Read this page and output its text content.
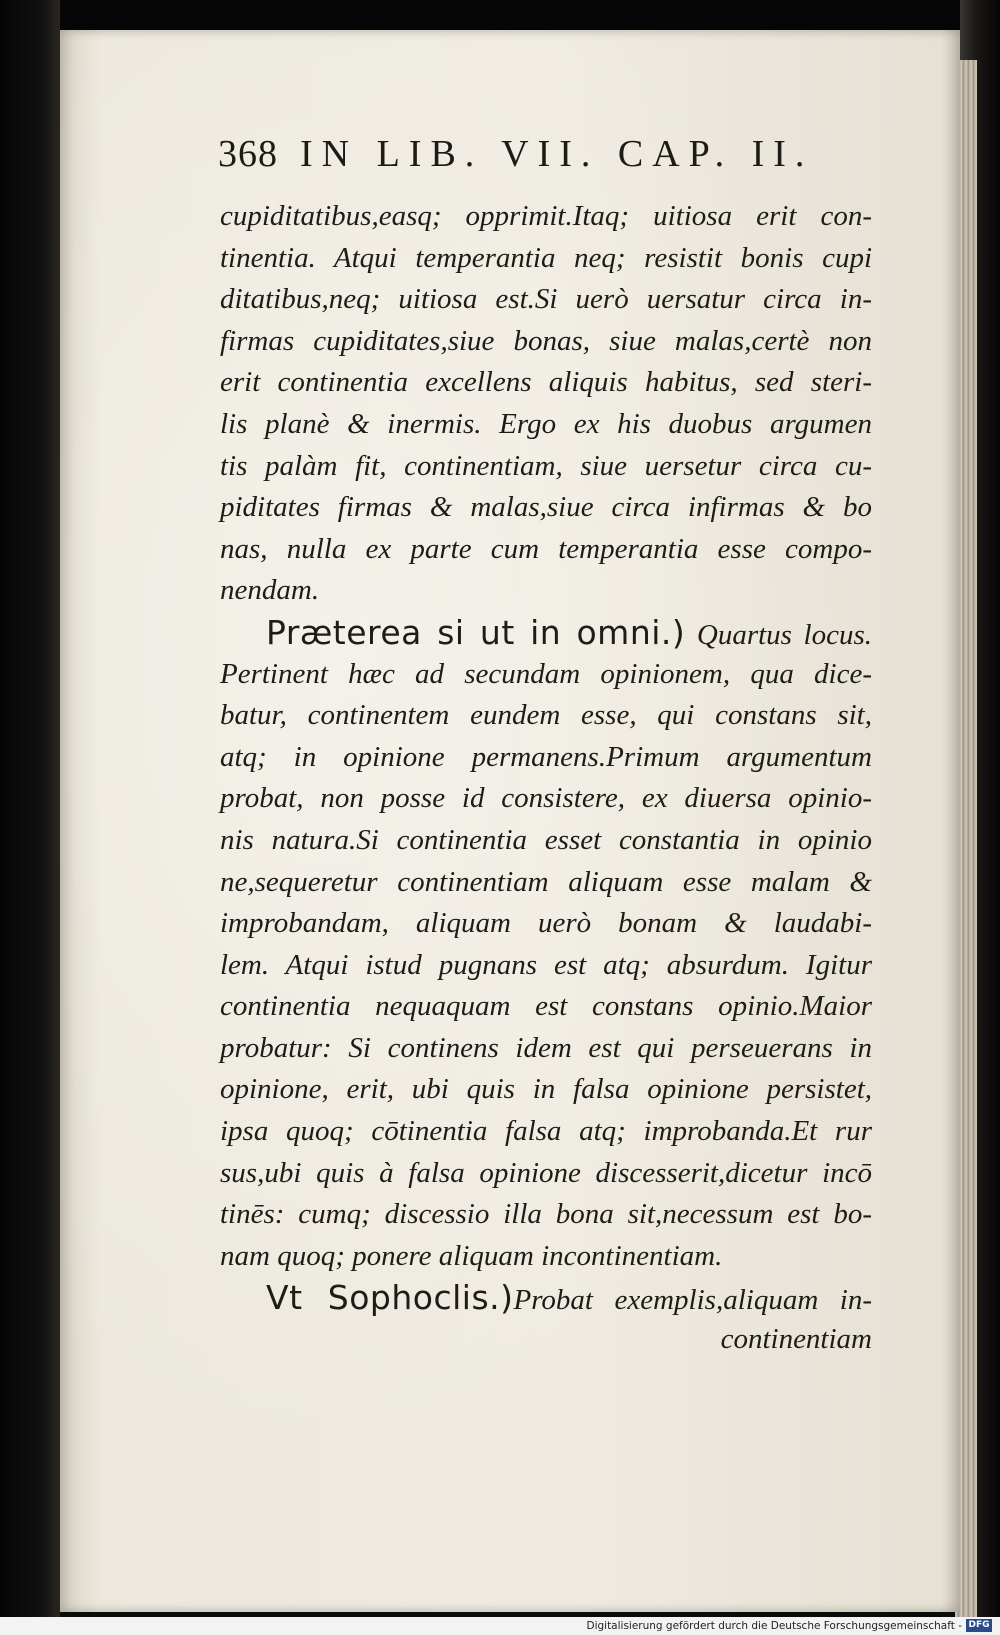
368 IN LIB. VII. CAP. II.
cupiditatibus,easq; opprimit.Itaq; uitiosa erit con-
tinentia. Atqui temperantia neq; resistit bonis cupi
ditatibus,neq; uitiosa est.Si uerò uersatur circa in-
firmas cupiditates,siue bonas, siue malas,certè non
erit continentia excellens aliquis habitus, sed steri-
lis planè & inermis. Ergo ex his duobus argumen
tis palàm fit, continentiam, siue uersetur circa cu-
piditates firmas & malas,siue circa infirmas & bo
nas, nulla ex parte cum temperantia esse compo-
nendam.
Præterea si ut in omni.) Quartus locus.
Pertinent hæc ad secundam opinionem, qua dice-
batur, continentem eundem esse, qui constans sit,
atq; in opinione permanens.Primum argumentum
probat, non posse id consistere, ex diuersa opinio-
nis natura.Si continentia esset constantia in opinio
ne,sequeretur continentiam aliquam esse malam &
improbandam, aliquam uerò bonam & laudabi-
lem. Atqui istud pugnans est atq; absurdum. Igitur
continentia nequaquam est constans opinio.Maior
probatur: Si continens idem est qui perseuerans in
opinione, erit, ubi quis in falsa opinione persistet,
ipsa quoq; cōtinentia falsa atq; improbanda.Et rur
sus,ubi quis à falsa opinione discesserit,dicetur incō
tinēs: cumq; discessio illa bona sit,necessum est bo-
nam quoq; ponere aliquam incontinentiam.
Vt Sophoclis.)Probat exemplis,aliquam in-
continentiam
Digitalisierung gefördert durch die Deutsche Forschungsgemeinschaft - DFG
